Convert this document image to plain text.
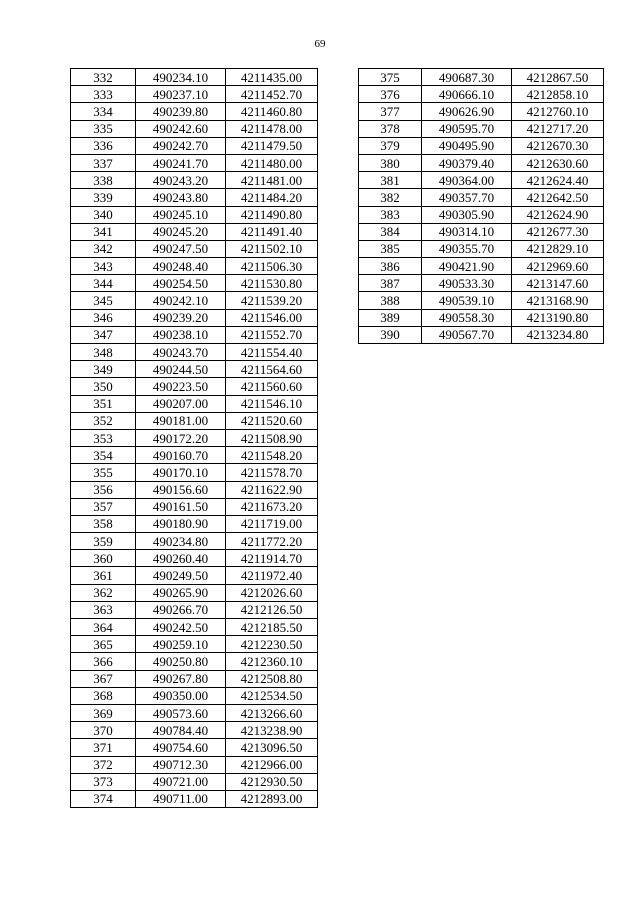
69
332	490234.10	4211435.00
333	490237.10	4211452.70
334	490239.80	4211460.80
335	490242.60	4211478.00
336	490242.70	4211479.50
337	490241.70	4211480.00
338	490243.20	4211481.00
339	490243.80	4211484.20
340	490245.10	4211490.80
341	490245.20	4211491.40
342	490247.50	4211502.10
343	490248.40	4211506.30
344	490254.50	4211530.80
345	490242.10	4211539.20
346	490239.20	4211546.00
347	490238.10	4211552.70
348	490243.70	4211554.40
349	490244.50	4211564.60
350	490223.50	4211560.60
351	490207.00	4211546.10
352	490181.00	4211520.60
353	490172.20	4211508.90
354	490160.70	4211548.20
355	490170.10	4211578.70
356	490156.60	4211622.90
357	490161.50	4211673.20
358	490180.90	4211719.00
359	490234.80	4211772.20
360	490260.40	4211914.70
361	490249.50	4211972.40
362	490265.90	4212026.60
363	490266.70	4212126.50
364	490242.50	4212185.50
365	490259.10	4212230.50
366	490250.80	4212360.10
367	490267.80	4212508.80
368	490350.00	4212534.50
369	490573.60	4213266.60
370	490784.40	4213238.90
371	490754.60	4213096.50
372	490712.30	4212966.00
373	490721.00	4212930.50
374	490711.00	4212893.00
375	490687.30	4212867.50
376	490666.10	4212858.10
377	490626.90	4212760.10
378	490595.70	4212717.20
379	490495.90	4212670.30
380	490379.40	4212630.60
381	490364.00	4212624.40
382	490357.70	4212642.50
383	490305.90	4212624.90
384	490314.10	4212677.30
385	490355.70	4212829.10
386	490421.90	4212969.60
387	490533.30	4213147.60
388	490539.10	4213168.90
389	490558.30	4213190.80
390	490567.70	4213234.80
